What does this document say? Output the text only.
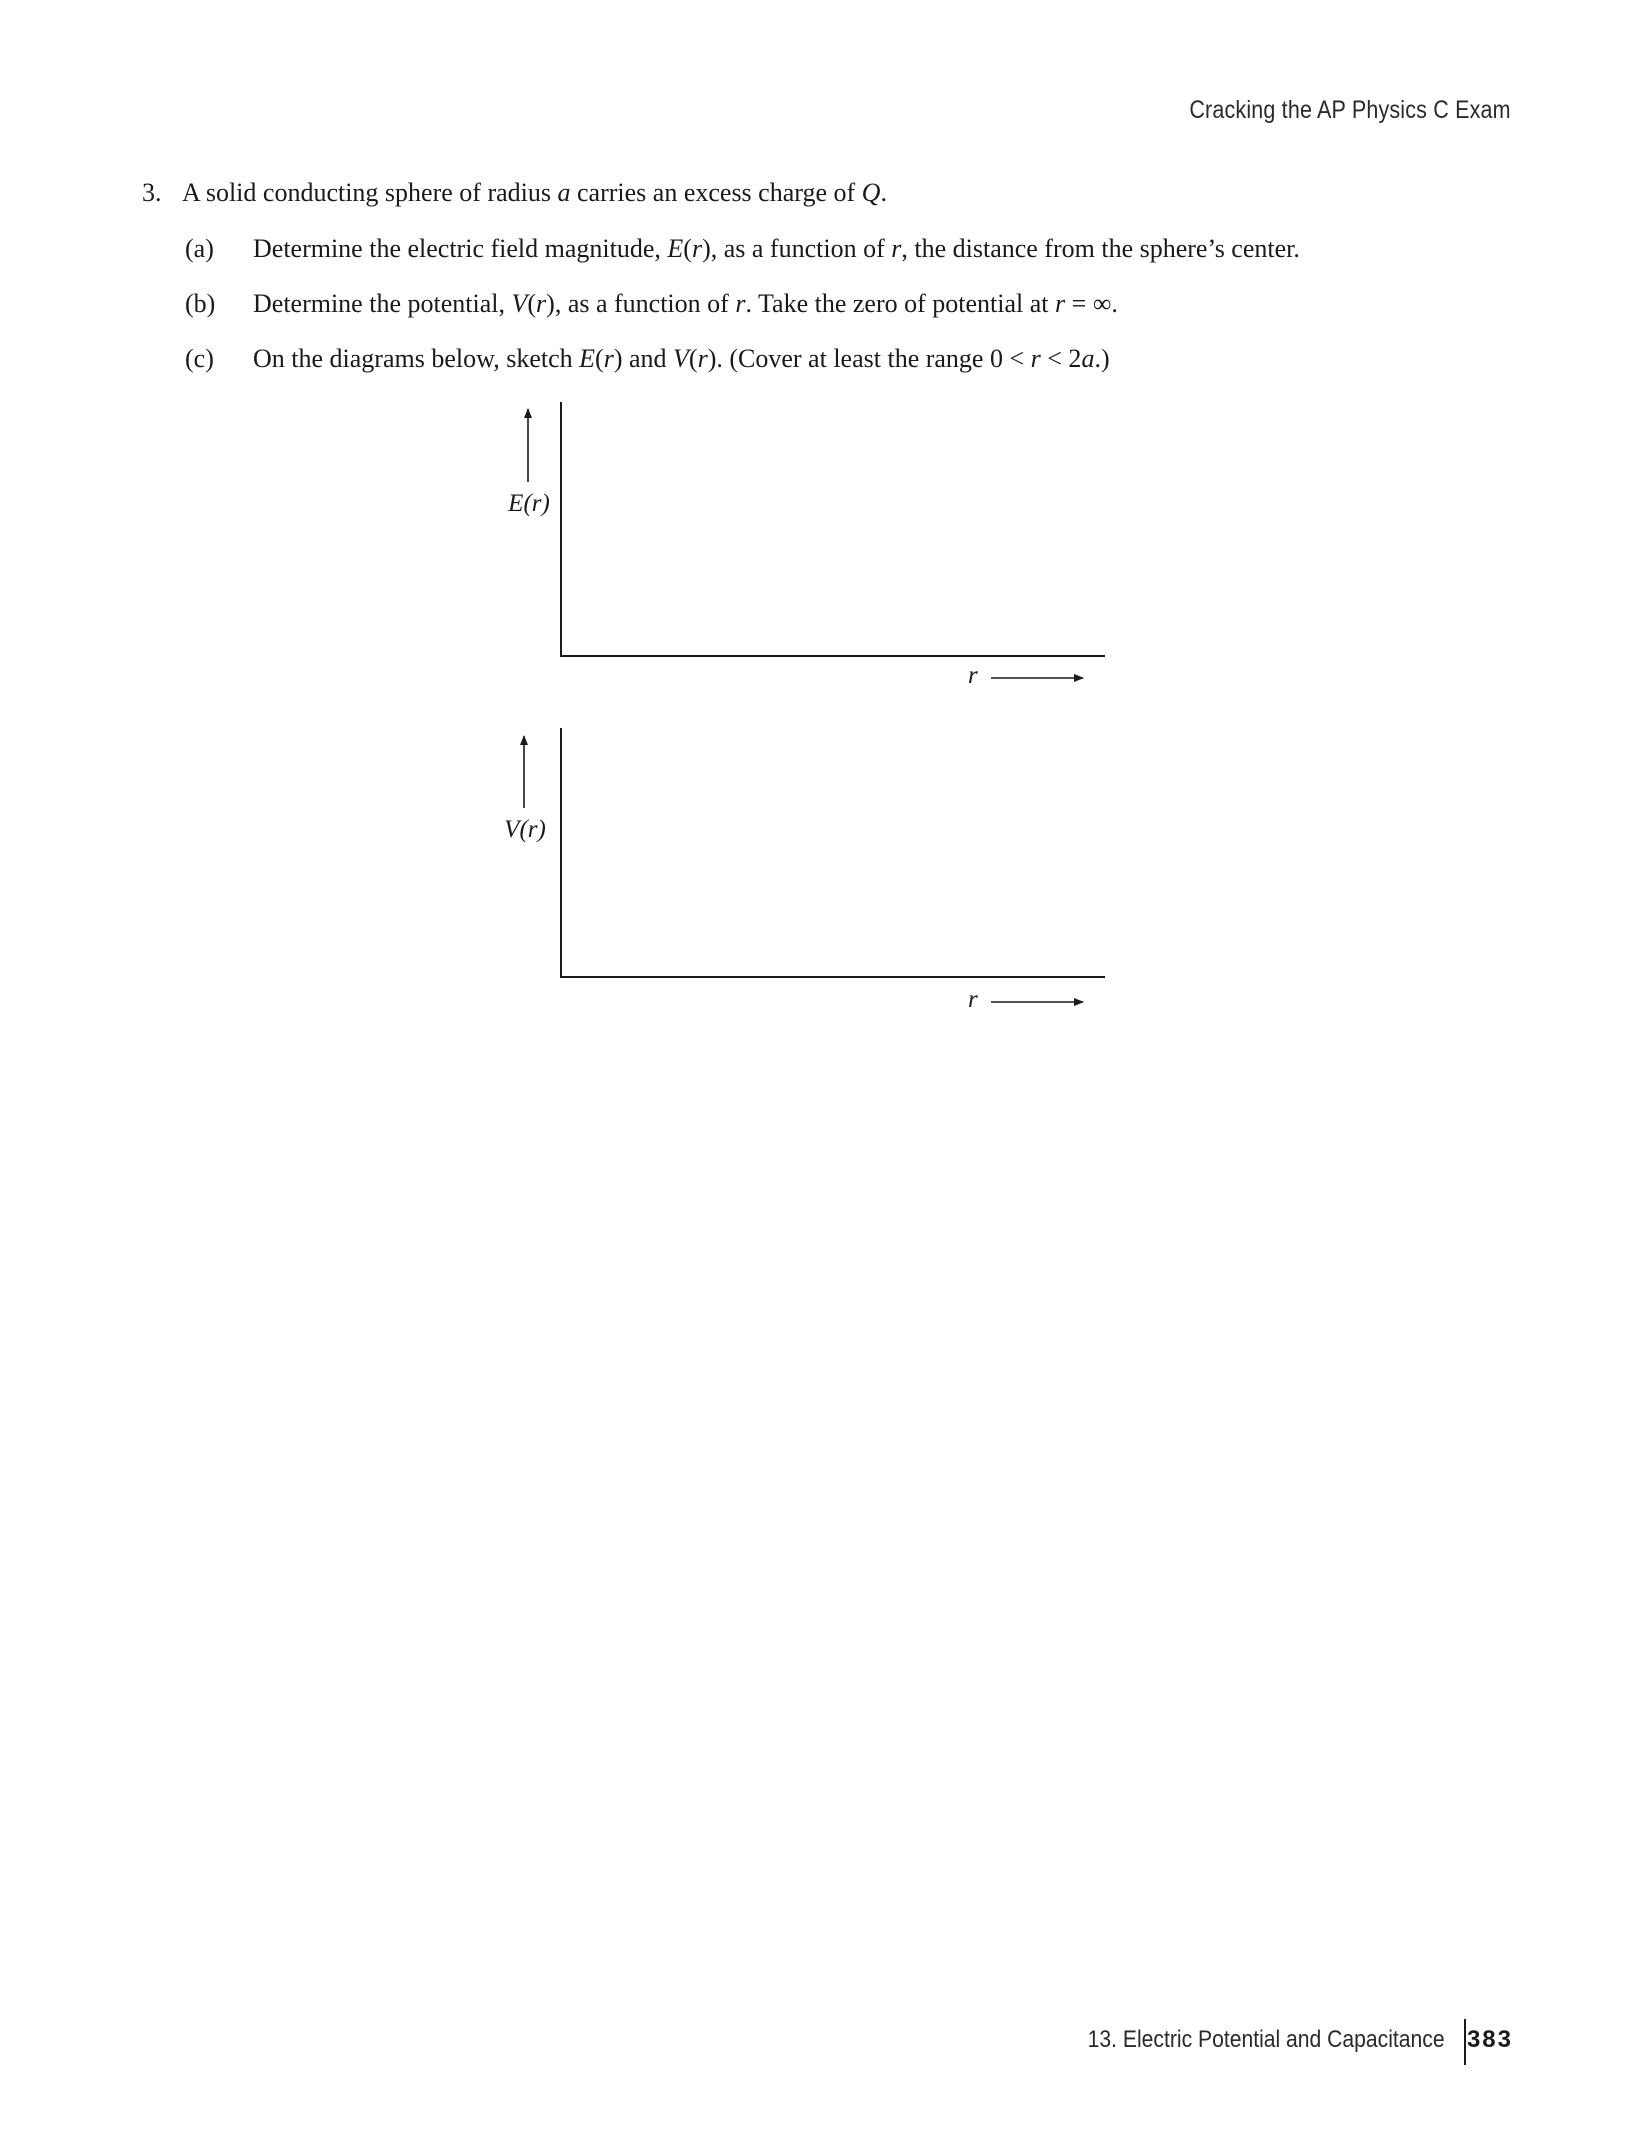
Cracking the AP Physics C Exam
3. A solid conducting sphere of radius a carries an excess charge of Q.
(a) Determine the electric field magnitude, E(r), as a function of r, the distance from the sphere’s center.
(b) Determine the potential, V(r), as a function of r. Take the zero of potential at r = ∞.
(c) On the diagrams below, sketch E(r) and V(r). (Cover at least the range 0 < r < 2a.)
E(r)
r
V(r)
r
13. Electric Potential and Capacitance 383
